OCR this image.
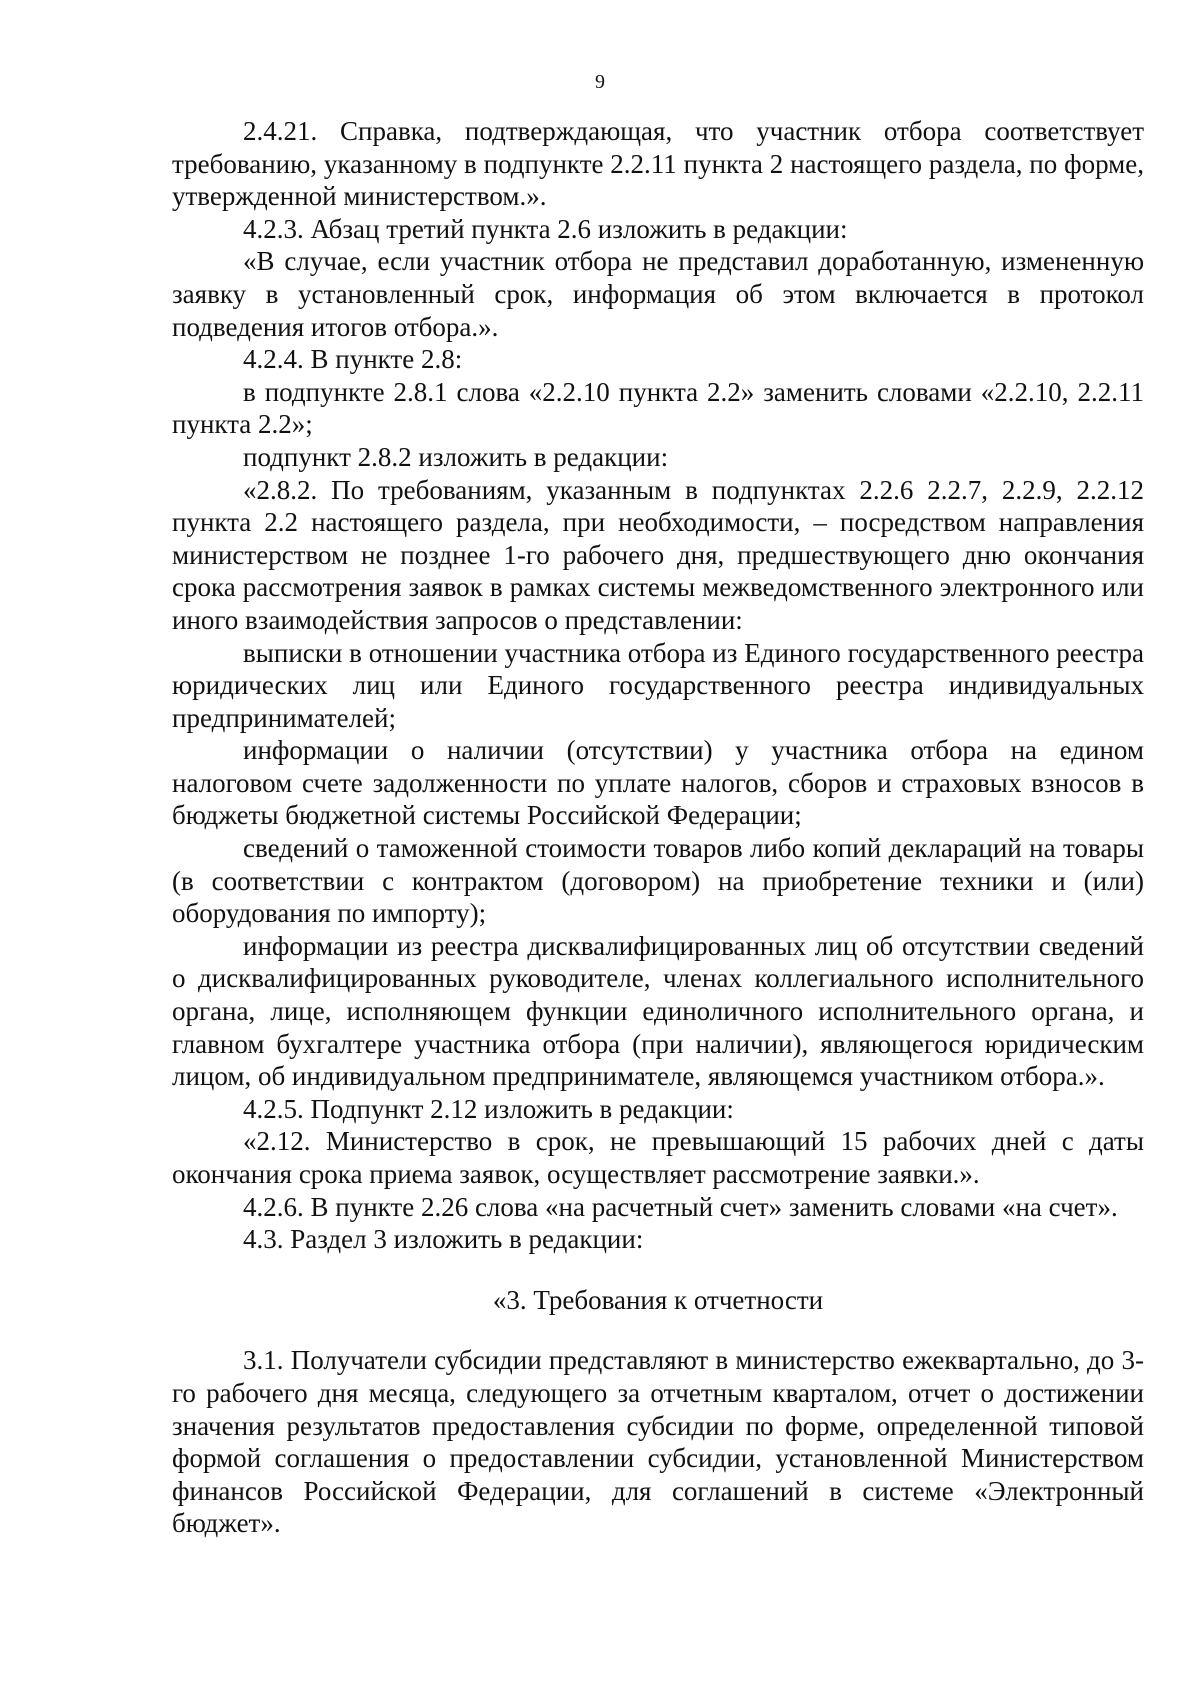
9

2.4.21. Справка, подтверждающая, что участник отбора соответствует требованию, указанному в подпункте 2.2.11 пункта 2 настоящего раздела, по форме, утвержденной министерством.».

4.2.3. Абзац третий пункта 2.6 изложить в редакции:

«В случае, если участник отбора не представил доработанную, измененную заявку в установленный срок, информация об этом включается в протокол подведения итогов отбора.».

4.2.4. В пункте 2.8:

в подпункте 2.8.1 слова «2.2.10 пункта 2.2» заменить словами «2.2.10, 2.2.11 пункта 2.2»;

подпункт 2.8.2 изложить в редакции:

«2.8.2. По требованиям, указанным в подпунктах 2.2.6 2.2.7, 2.2.9, 2.2.12 пункта 2.2 настоящего раздела, при необходимости, – посредством направления министерством не позднее 1-го рабочего дня, предшествующего дню окончания срока рассмотрения заявок в рамках системы межведомственного электронного или иного взаимодействия запросов о представлении:

выписки в отношении участника отбора из Единого государственного реестра юридических лиц или Единого государственного реестра индивидуальных предпринимателей;

информации о наличии (отсутствии) у участника отбора на едином налоговом счете задолженности по уплате налогов, сборов и страховых взносов в бюджеты бюджетной системы Российской Федерации;

сведений о таможенной стоимости товаров либо копий деклараций на товары (в соответствии с контрактом (договором) на приобретение техники и (или) оборудования по импорту);

информации из реестра дисквалифицированных лиц об отсутствии сведений о дисквалифицированных руководителе, членах коллегиального исполнительного органа, лице, исполняющем функции единоличного исполнительного органа, и главном бухгалтере участника отбора (при наличии), являющегося юридическим лицом, об индивидуальном предпринимателе, являющемся участником отбора.».

4.2.5. Подпункт 2.12 изложить в редакции:

«2.12. Министерство в срок, не превышающий 15 рабочих дней с даты окончания срока приема заявок, осуществляет рассмотрение заявки.».

4.2.6. В пункте 2.26 слова «на расчетный счет» заменить словами «на счет».

4.3. Раздел 3 изложить в редакции:

«3. Требования к отчетности

3.1. Получатели субсидии представляют в министерство ежеквартально, до 3-го рабочего дня месяца, следующего за отчетным кварталом, отчет о достижении значения результатов предоставления субсидии по форме, определенной типовой формой соглашения о предоставлении субсидии, установленной Министерством финансов Российской Федерации, для соглашений в системе «Электронный бюджет».
